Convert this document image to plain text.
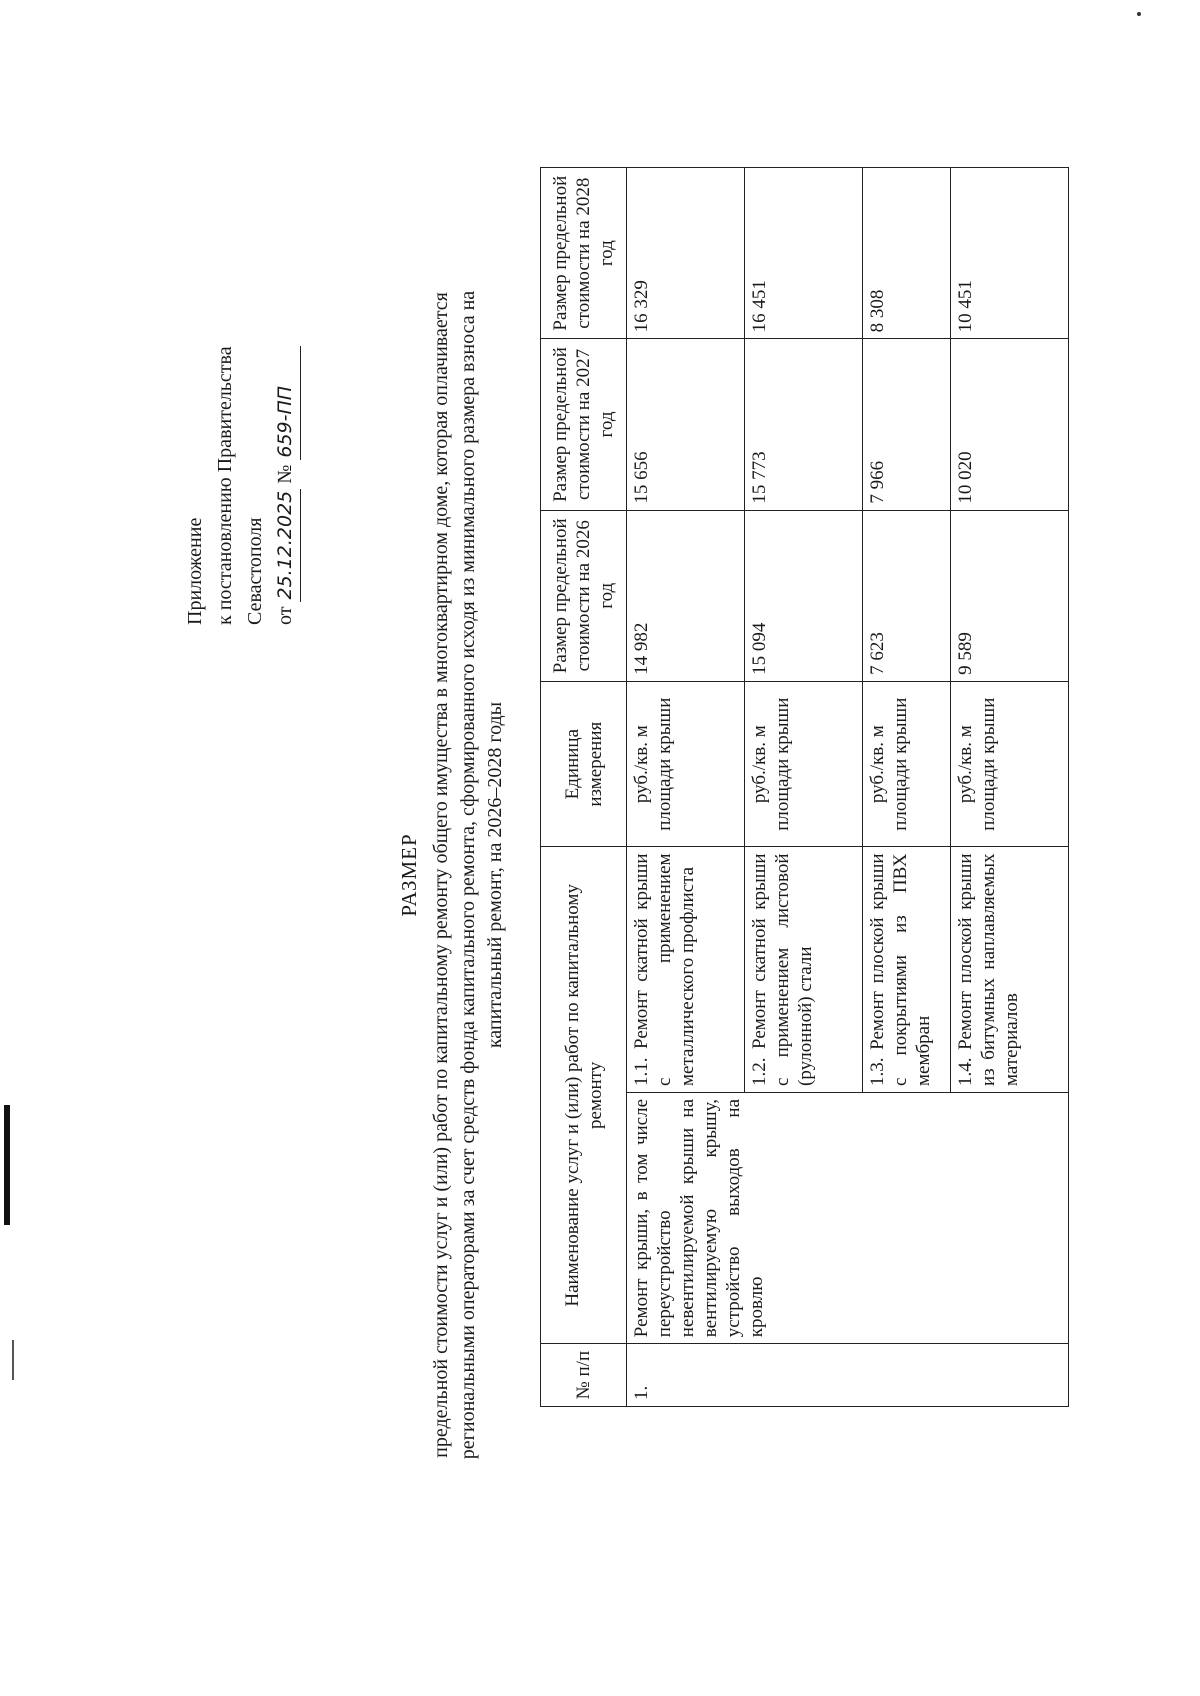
Приложение к постановлению Правительства Севастополя от 25.12.2025 № 659-ПП
РАЗМЕР предельной стоимости услуг и (или) работ по капитальному ремонту общего имущества в многоквартирном доме, которая оплачивается региональными операторами за счет средств фонда капитального ремонта, сформированного исходя из минимального размера взноса на капитальный ремонт, на 2026–2028 годы
№ п/п	Наименование услуг и (или) работ по капитальному ремонту		Единица измерения	Размер предельной стоимости на 2026 год	Размер предельной стоимости на 2027 год	Размер предельной стоимости на 2028 год
1.	Ремонт крыши, в том числе переустройство невентилируемой крыши на вентилируемую крышу, устройство выходов на кровлю	1.1. Ремонт скатной крыши с применением металлического профлиста	руб./кв. м площади крыши	14 982	15 656	16 329
		1.2. Ремонт скатной крыши с применением листовой (рулонной) стали	руб./кв. м площади крыши	15 094	15 773	16 451
		1.3. Ремонт плоской крыши с покрытиями из ПВХ мембран	руб./кв. м площади крыши	7 623	7 966	8 308
		1.4. Ремонт плоской крыши из битумных наплавляемых материалов	руб./кв. м площади крыши	9 589	10 020	10 451
